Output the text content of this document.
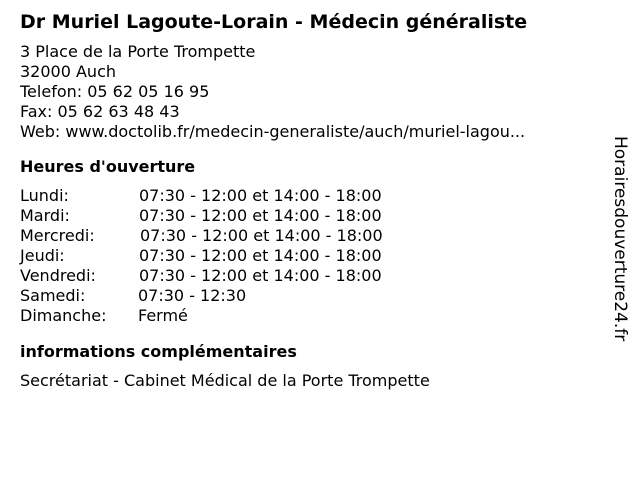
Dr Muriel Lagoute-Lorain - Médecin généraliste
3 Place de la Porte Trompette
32000 Auch
Telefon: 05 62 05 16 95
Fax: 05 62 63 48 43
Web: www.doctolib.fr/medecin-generaliste/auch/muriel-lagou...
Heures d'ouverture
Lundi:	07:30 - 12:00 et 14:00 - 18:00
Mardi:	07:30 - 12:00 et 14:00 - 18:00
Mercredi:	07:30 - 12:00 et 14:00 - 18:00
Jeudi:	07:30 - 12:00 et 14:00 - 18:00
Vendredi:	07:30 - 12:00 et 14:00 - 18:00
Samedi:	07:30 - 12:30
Dimanche: Fermé
informations complémentaires
Secrétariat - Cabinet Médical de la Porte Trompette
Horairesdouverture24.fr
